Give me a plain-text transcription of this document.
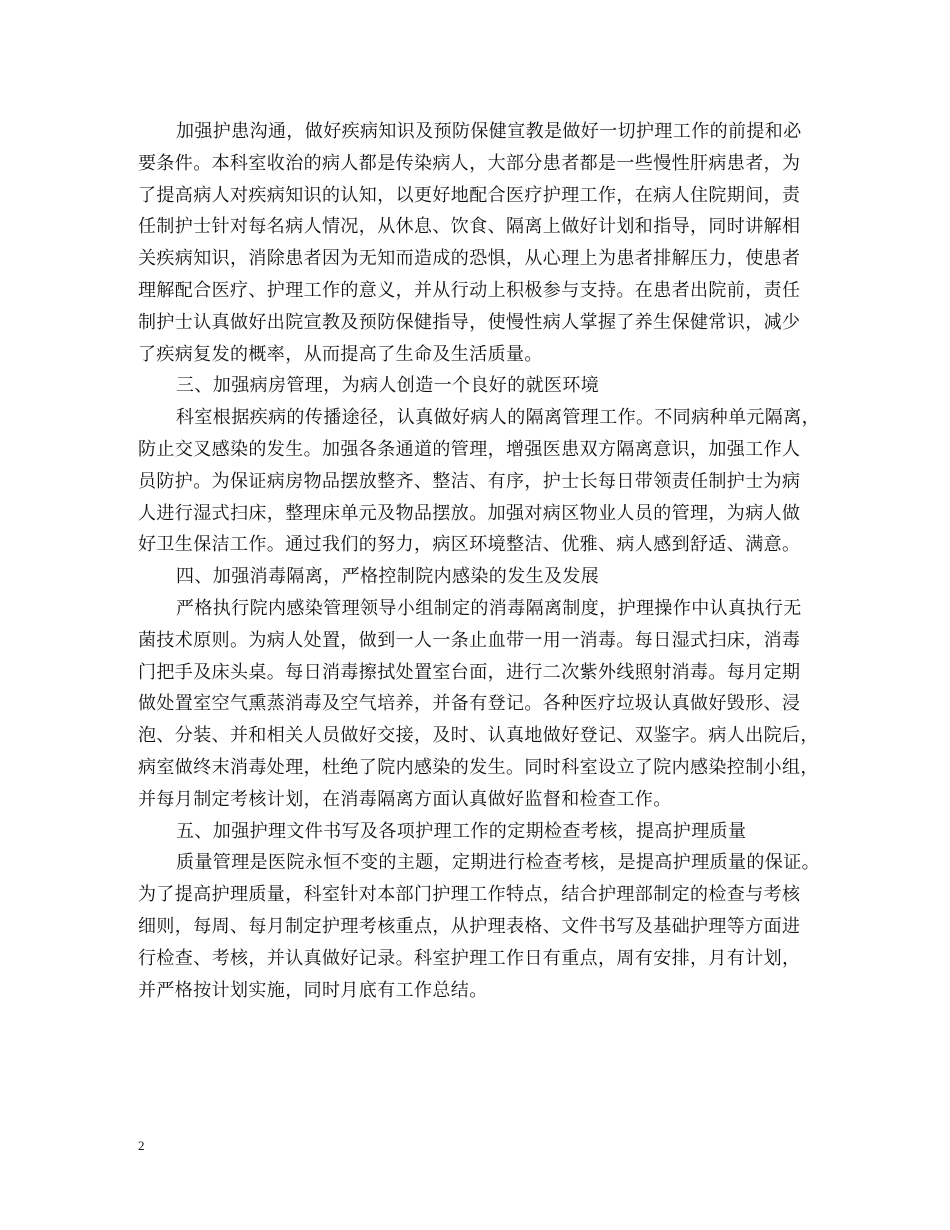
加强护患沟通，做好疾病知识及预防保健宣教是做好一切护理工作的前提和必
要条件。本科室收治的病人都是传染病人，大部分患者都是一些慢性肝病患者，为
了提高病人对疾病知识的认知，以更好地配合医疗护理工作，在病人住院期间，责
任制护士针对每名病人情况，从休息、饮食、隔离上做好计划和指导，同时讲解相
关疾病知识，消除患者因为无知而造成的恐惧，从心理上为患者排解压力，使患者
理解配合医疗、护理工作的意义，并从行动上积极参与支持。在患者出院前，责任
制护士认真做好出院宣教及预防保健指导，使慢性病人掌握了养生保健常识，减少
了疾病复发的概率，从而提高了生命及生活质量。
三、加强病房管理，为病人创造一个良好的就医环境
科室根据疾病的传播途径，认真做好病人的隔离管理工作。不同病种单元隔离，
防止交叉感染的发生。加强各条通道的管理，增强医患双方隔离意识，加强工作人
员防护。为保证病房物品摆放整齐、整洁、有序，护士长每日带领责任制护士为病
人进行湿式扫床，整理床单元及物品摆放。加强对病区物业人员的管理，为病人做
好卫生保洁工作。通过我们的努力，病区环境整洁、优雅、病人感到舒适、满意。
四、加强消毒隔离，严格控制院内感染的发生及发展
严格执行院内感染管理领导小组制定的消毒隔离制度，护理操作中认真执行无
菌技术原则。为病人处置，做到一人一条止血带一用一消毒。每日湿式扫床，消毒
门把手及床头桌。每日消毒擦拭处置室台面，进行二次紫外线照射消毒。每月定期
做处置室空气熏蒸消毒及空气培养，并备有登记。各种医疗垃圾认真做好毁形、浸
泡、分装、并和相关人员做好交接，及时、认真地做好登记、双鉴字。病人出院后，
病室做终末消毒处理，杜绝了院内感染的发生。同时科室设立了院内感染控制小组，
并每月制定考核计划，在消毒隔离方面认真做好监督和检查工作。
五、加强护理文件书写及各项护理工作的定期检查考核，提高护理质量
质量管理是医院永恒不变的主题，定期进行检查考核，是提高护理质量的保证。
为了提高护理质量，科室针对本部门护理工作特点，结合护理部制定的检查与考核
细则，每周、每月制定护理考核重点，从护理表格、文件书写及基础护理等方面进
行检查、考核，并认真做好记录。科室护理工作日有重点，周有安排，月有计划，
并严格按计划实施，同时月底有工作总结。
2
